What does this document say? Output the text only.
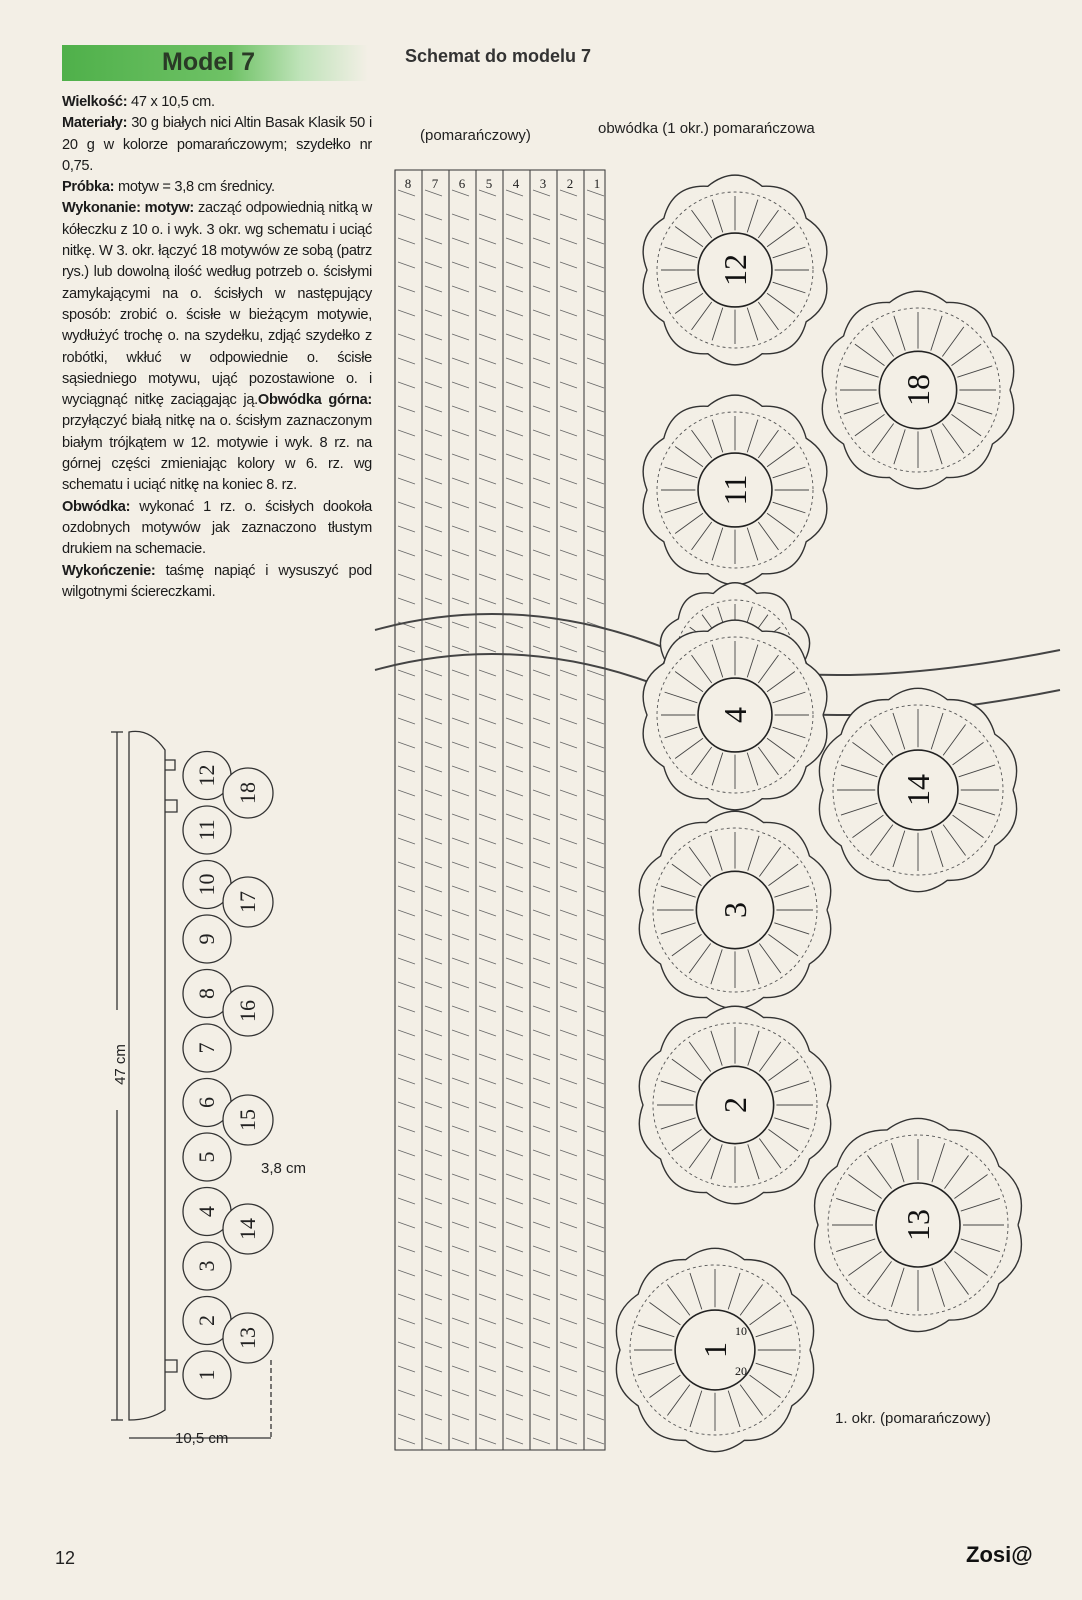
Model 7	Schemat do modelu 7

Wielkość: 47 x 10,5 cm.

Materiały: 30 g białych nici Altin Basak Klasik 50 i 20 g w kolorze pomarańczowym; szydełko nr 0,75.

Próbka: motyw = 3,8 cm średnicy.

Wykonanie: motyw: zacząć odpowiednią nitką w kółeczku z 10 o. i wyk. 3 okr. wg schematu i uciąć nitkę. W 3. okr. łączyć 18 motywów ze sobą (patrz rys.) lub dowolną ilość według potrzeb o. ścisłymi zamykającymi na o. ścisłych w następujący sposób: zrobić o. ścisłe w bieżącym motywie, wydłużyć trochę o. na szydełku, zdjąć szydełko z robótki, wkłuć w odpowiednie o. ścisłe sąsiedniego motywu, ująć pozostawione o. i wyciągnąć nitkę zaciągając ją.Obwódka górna: przyłączyć białą nitkę na o. ścisłym zaznaczonym białym trójkątem w 12. motywie i wyk. 8 rz. na górnej części zmieniając kolory w 6. rz. wg schematu i uciąć nitkę na koniec 8. rz.

Obwódka: wykonać 1 rz. o. ścisłych dookoła ozdobnych motywów jak zaznaczono tłustym drukiem na schemacie.

Wykończenie: taśmę napiąć i wysuszyć pod wilgotnymi ściereczkami.

1
2
3
4
5
6
7
8
9
10
11
12
13
14
15
16
17
18
47 cm
10,5 cm
3,8 cm
12
18
11
4
14
3
2
13
1
10
20
8 7 6 5 4 3 2 1
(pomarańczowy)	obwódka (1 okr.) pomarańczowa
1. okr. (pomarańczowy)
12	Zosi@
